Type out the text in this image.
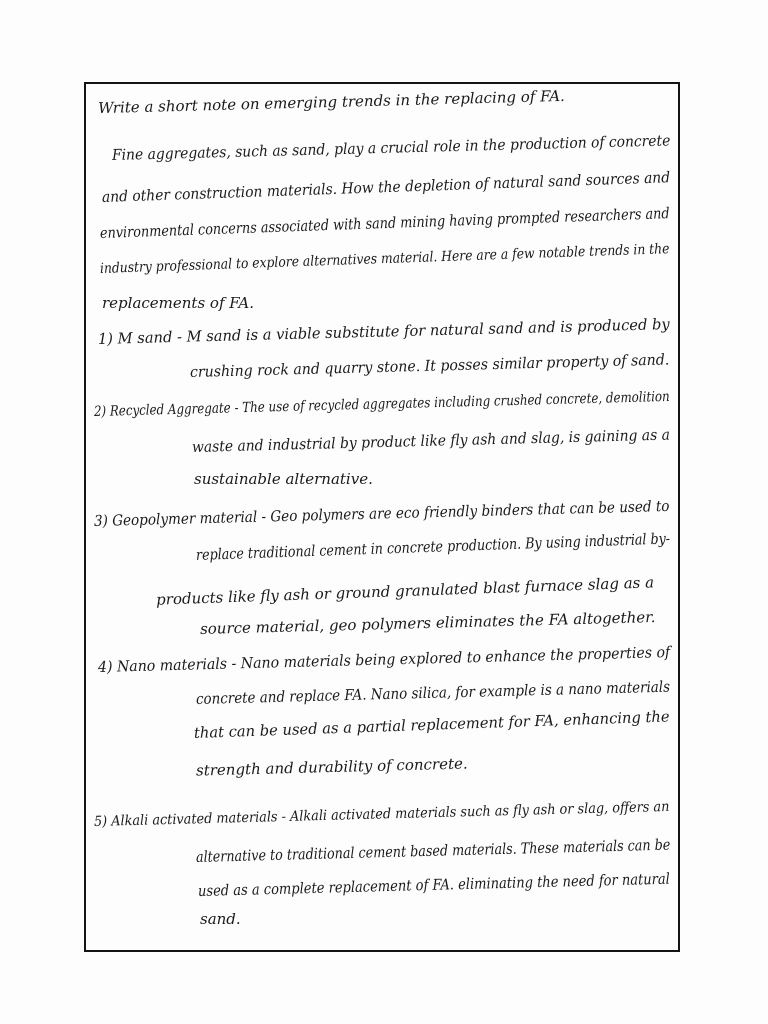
Write a short note on emerging trends in the replacing of FA.
Fine aggregates, such as sand, play a crucial role in the production of concrete
and other construction materials. How the depletion of natural sand sources and
environmental concerns associated with sand mining having prompted researchers and
industry professional to explore alternatives material. Here are a few notable trends in the
replacements of FA.
1) M sand - M sand is a viable substitute for natural sand and is produced by
crushing rock and quarry stone. It posses similar property of sand.
2) Recycled Aggregate - The use of recycled aggregates including crushed concrete, demolition
waste and industrial by product like fly ash and slag, is gaining as a
sustainable alternative.
3) Geopolymer material - Geo polymers are eco friendly binders that can be used to
replace traditional cement in concrete production. By using industrial by-
products like fly ash or ground granulated blast furnace slag as a
source material, geo polymers eliminates the FA altogether.
4) Nano materials - Nano materials being explored to enhance the properties of
concrete and replace FA. Nano silica, for example is a nano materials
that can be used as a partial replacement for FA, enhancing the
strength and durability of concrete.
5) Alkali activated materials - Alkali activated materials such as fly ash or slag, offers an
alternative to traditional cement based materials. These materials can be
used as a complete replacement of FA. eliminating the need for natural
sand.
